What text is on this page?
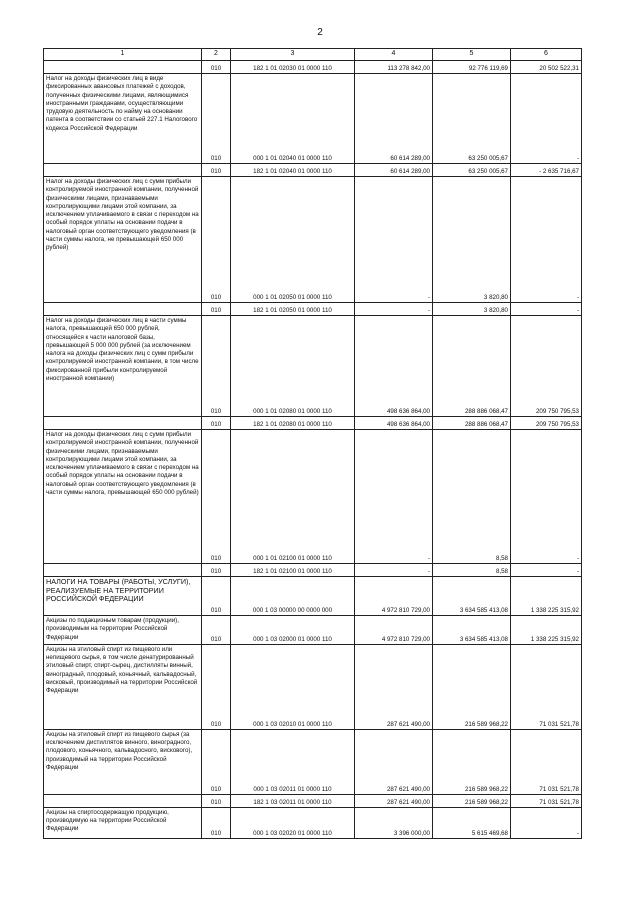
2
1	2	3	4	5	6
	010	182 1 01 02030 01 0000 110	113 278 842,00	92 776 119,69	20 502 522,31
Налог на доходы физических лиц в виде фиксированных авансовых платежей с доходов, полученных физическими лицами, являющимися иностранными гражданами, осуществляющими трудовую деятельность по найму на основании патента в соответствии со статьей 227.1 Налогового кодекса Российской Федерации	010	000 1 01 02040 01 0000 110	60 614 289,00	63 250 005,67	-
	010	182 1 01 02040 01 0000 110	60 614 289,00	63 250 005,67	- 2 635 716,67
Налог на доходы физических лиц с сумм прибыли контролируемой иностранной компании, полученной физическими лицами, признаваемыми контролирующими лицами этой компании, за исключением уплачиваемого в связи с переходом на особый порядок уплаты на основании подачи в налоговый орган соответствующего уведомления (в части суммы налога, не превышающей 650 000 рублей)	010	000 1 01 02050 01 0000 110	-	3 820,80	-
	010	182 1 01 02050 01 0000 110	-	3 820,80	-
Налог на доходы физических лиц в части суммы налога, превышающей 650 000 рублей, относящейся к части налоговой базы, превышающей 5 000 000 рублей (за исключением налога на доходы физических лиц с сумм прибыли контролируемой иностранной компании, в том числе фиксированной прибыли контролируемой иностранной компании)	010	000 1 01 02080 01 0000 110	498 636 864,00	288 886 068,47	209 750 795,53
	010	182 1 01 02080 01 0000 110	498 636 864,00	288 886 068,47	209 750 795,53
Налог на доходы физических лиц с сумм прибыли контролируемой иностранной компании, полученной физическими лицами, признаваемыми контролирующими лицами этой компании, за исключением уплачиваемого в связи с переходом на особый порядок уплаты на основании подачи в налоговый орган соответствующего уведомления (в части суммы налога, превышающей 650 000 рублей)	010	000 1 01 02100 01 0000 110	-	8,58	-
	010	182 1 01 02100 01 0000 110	-	8,58	-
НАЛОГИ НА ТОВАРЫ (РАБОТЫ, УСЛУГИ), РЕАЛИЗУЕМЫЕ НА ТЕРРИТОРИИ РОССИЙСКОЙ ФЕДЕРАЦИИ	010	000 1 03 00000 00 0000 000	4 972 810 729,00	3 634 585 413,08	1 338 225 315,92
Акцизы по подакцизным товарам (продукции), производимым на территории Российской Федерации	010	000 1 03 02000 01 0000 110	4 972 810 729,00	3 634 585 413,08	1 338 225 315,92
Акцизы на этиловый спирт из пищевого или непищевого сырья, в том числе денатурированный этиловый спирт, спирт-сырец, дистилляты винный, виноградный, плодовый, коньячный, кальвадосный, висковый, производимый на территории Российской Федерации	010	000 1 03 02010 01 0000 110	287 621 490,00	216 589 968,22	71 031 521,78
Акцизы на этиловый спирт из пищевого сырья (за исключением дистиллятов винного, виноградного, плодового, коньячного, кальвадосного, вискового), производимый на территории Российской Федерации	010	000 1 03 02011 01 0000 110	287 621 490,00	216 589 968,22	71 031 521,78
	010	182 1 03 02011 01 0000 110	287 621 490,00	216 589 968,22	71 031 521,78
Акцизы на спиртосодержащую продукцию, производимую на территории Российской Федерации	010	000 1 03 02020 01 0000 110	3 396 000,00	5 615 469,68	-
